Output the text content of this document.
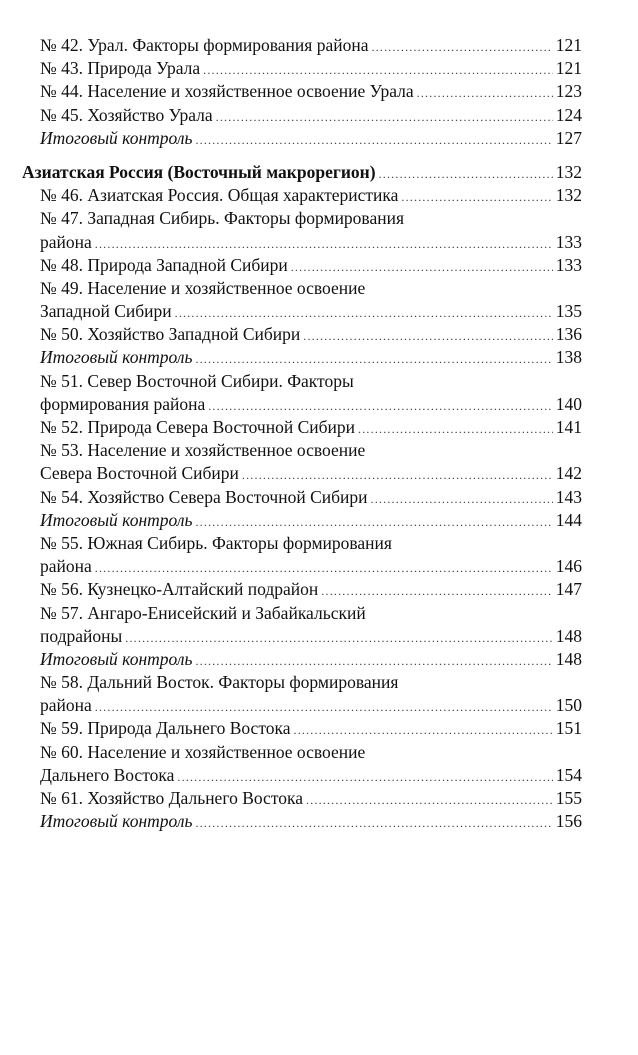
№ 42. Урал. Факторы формирования района .....	121
№ 43. Природа Урала .....	121
№ 44. Население и хозяйственное освоение Урала .....	123
№ 45. Хозяйство Урала .....	124
Итоговый контроль .....	127
Азиатская Россия (Восточный макрорегион) .....	132
№ 46. Азиатская Россия. Общая характеристика .....	132
№ 47. Западная Сибирь. Факторы формирования
района .....	133
№ 48. Природа Западной Сибири .....	133
№ 49. Население и хозяйственное освоение
Западной Сибири .....	135
№ 50. Хозяйство Западной Сибири .....	136
Итоговый контроль .....	138
№ 51. Север Восточной Сибири. Факторы
формирования района .....	140
№ 52. Природа Севера Восточной Сибири .....	141
№ 53. Население и хозяйственное освоение
Севера Восточной Сибири .....	142
№ 54. Хозяйство Севера Восточной Сибири .....	143
Итоговый контроль .....	144
№ 55. Южная Сибирь. Факторы формирования
района .....	146
№ 56. Кузнецко-Алтайский подрайон .....	147
№ 57. Ангаро-Енисейский и Забайкальский
подрайоны .....	148
Итоговый контроль .....	148
№ 58. Дальний Восток. Факторы формирования
района .....	150
№ 59. Природа Дальнего Востока .....	151
№ 60. Население и хозяйственное освоение
Дальнего Востока .....	154
№ 61. Хозяйство Дальнего Востока .....	155
Итоговый контроль .....	156
